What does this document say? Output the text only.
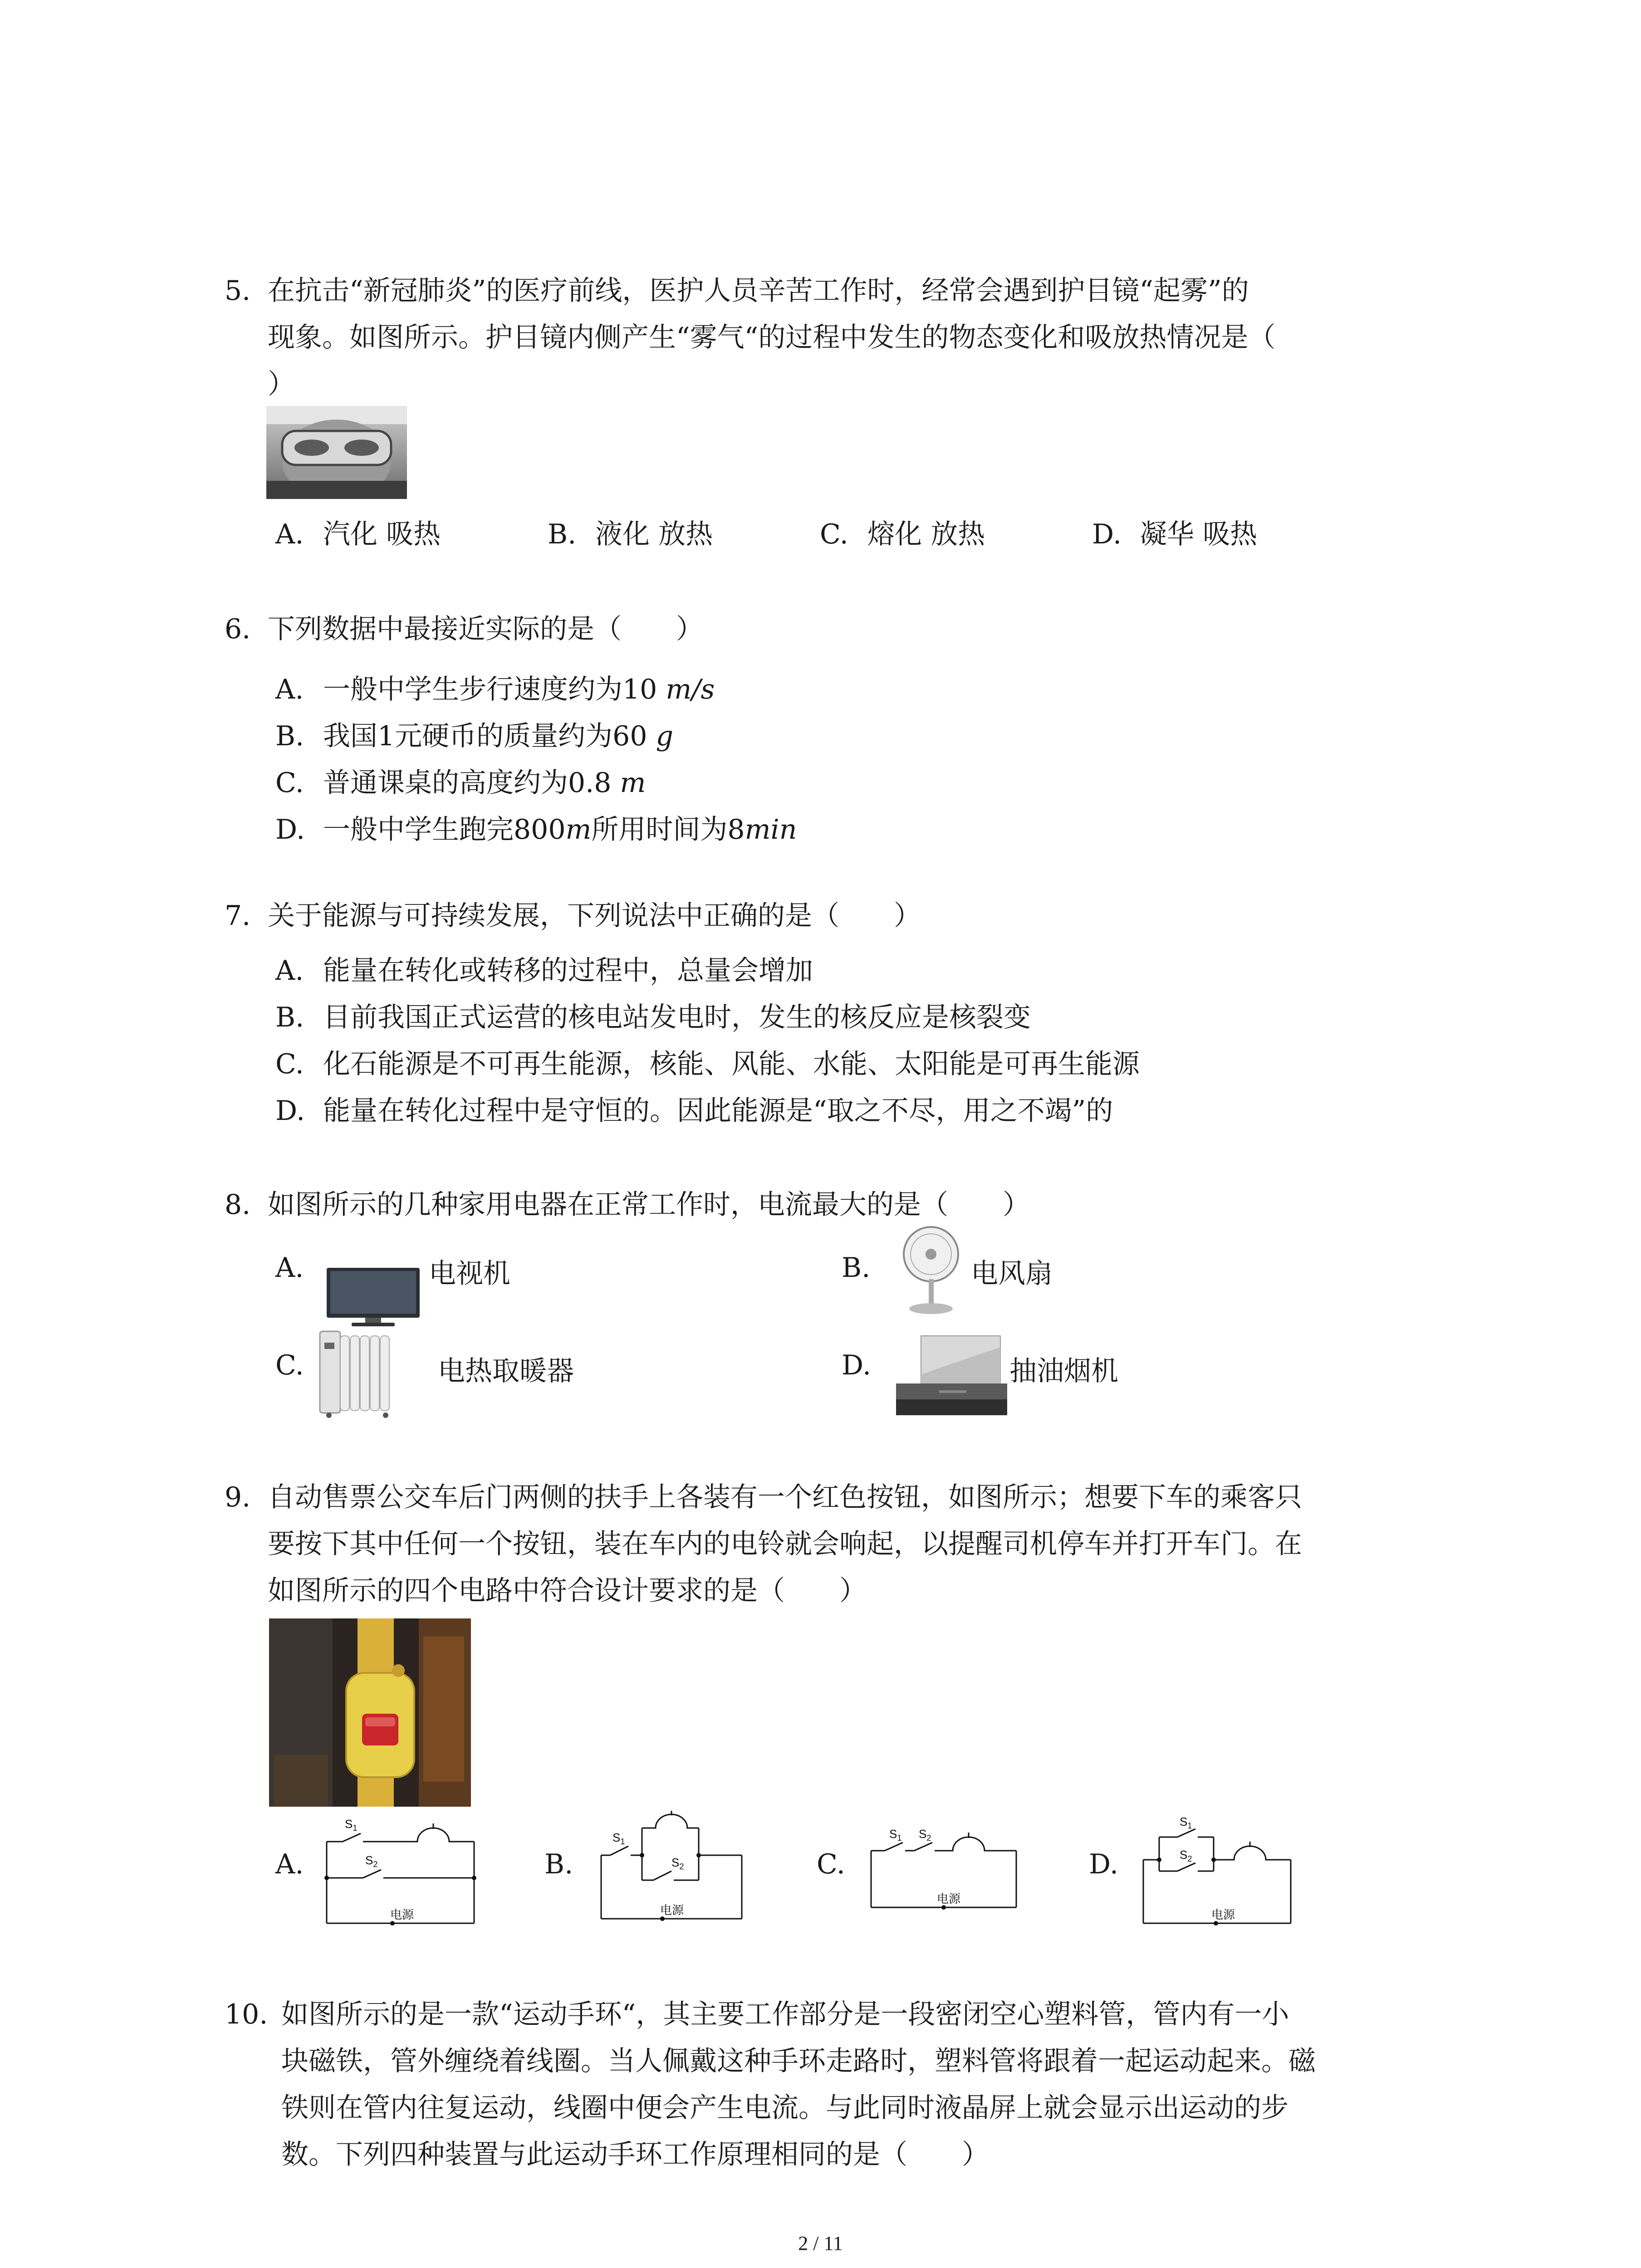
5. 在抗击“新冠肺炎”的医疗前线，医护人员辛苦工作时，经常会遇到护目镜“起雾”的
现象。如图所示。护目镜内侧产生“雾气“的过程中发生的物态变化和吸放热情况是（
）
A. 汽化 吸热	B. 液化 放热	C. 熔化 放热	D. 凝华 吸热
6. 下列数据中最接近实际的是（　　）
A. 一般中学生步行速度约为10 m/s
B. 我国1元硬币的质量约为60 g
C. 普通课桌的高度约为0.8 m
D. 一般中学生跑完800m所用时间为8min
7. 关于能源与可持续发展，下列说法中正确的是（　　）
A. 能量在转化或转移的过程中，总量会增加
B. 目前我国正式运营的核电站发电时，发生的核反应是核裂变
C. 化石能源是不可再生能源，核能、风能、水能、太阳能是可再生能源
D. 能量在转化过程中是守恒的。因此能源是“取之不尽，用之不竭”的
8. 如图所示的几种家用电器在正常工作时，电流最大的是（　　）
A.	电视机	B.	电风扇
C.	电热取暖器	D.	抽油烟机
9. 自动售票公交车后门两侧的扶手上各装有一个红色按钮，如图所示；想要下车的乘客只
要按下其中任何一个按钮，装在车内的电铃就会响起，以提醒司机停车并打开车门。在
如图所示的四个电路中符合设计要求的是（　　）
A.
$S_1$
$S_2$
电源
B.
$S_1$
$S_2$
电源
C.
$S_1$ $S_2$
电源
D.
$S_1$
$S_2$
电源
10. 如图所示的是一款“运动手环“，其主要工作部分是一段密闭空心塑料管，管内有一小
块磁铁，管外缠绕着线圈。当人佩戴这种手环走路时，塑料管将跟着一起运动起来。磁
铁则在管内往复运动，线圈中便会产生电流。与此同时液晶屏上就会显示出运动的步
数。下列四种装置与此运动手环工作原理相同的是（　　）
2 / 11
